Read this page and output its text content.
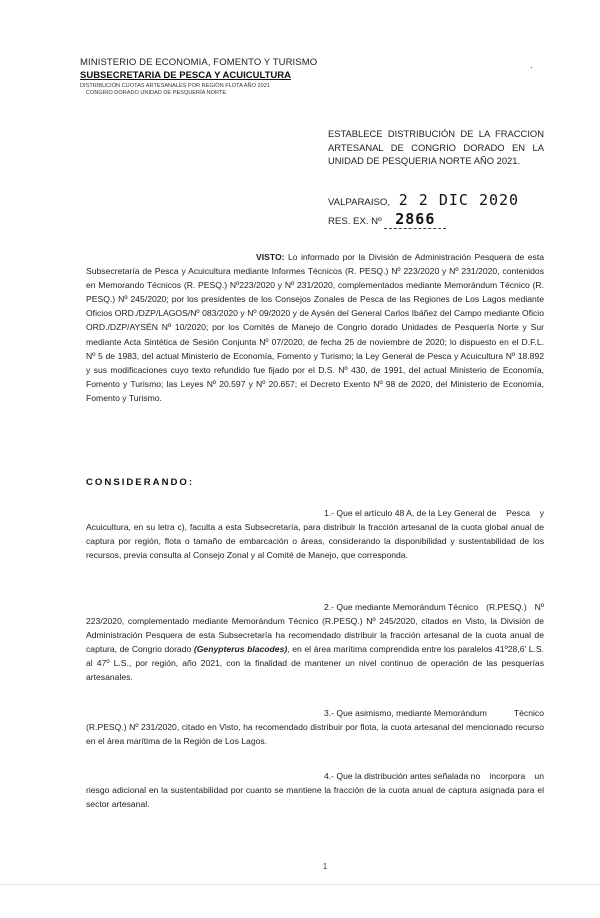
MINISTERIO DE ECONOMIA, FOMENTO Y TURISMO
SUBSECRETARIA DE PESCA Y ACUICULTURA
DISTRIBUCIÓN CUOTAS ARTESANALES POR REGIÓN FLOTA AÑO 2021
CONGRIO DORADO UNIDAD DE PESQUERÍA NORTE
.
ESTABLECE DISTRIBUCIÓN DE LA FRACCION ARTESANAL DE CONGRIO DORADO EN LA UNIDAD DE PESQUERIA NORTE AÑO 2021.
VALPARAISO, 2 2 DIC 2020
RES. EX. Nº 2866
VISTO: Lo informado por la División de Administración Pesquera de esta Subsecretaría de Pesca y Acuicultura mediante Informes Técnicos (R. PESQ.) Nº 223/2020 y Nº 231/2020, contenidos en Memorando Técnicos (R. PESQ.) Nº223/2020 y Nº 231/2020, complementados mediante Memorándum Técnico (R. PESQ.) Nº 245/2020; por los presidentes de los Consejos Zonales de Pesca de las Regiones de Los Lagos mediante Oficios ORD./DZP/LAGOS/Nº 083/2020 y Nº 09/2020 y de Aysén del General Carlos Ibáñez del Campo mediante Oficio ORD./DZP/AYSÉN Nº 10/2020; por los Comités de Manejo de Congrio dorado Unidades de Pesquería Norte y Sur mediante Acta Sintética de Sesión Conjunta Nº 07/2020, de fecha 25 de noviembre de 2020; lo dispuesto en el D.F.L. Nº 5 de 1983, del actual Ministerio de Economía, Fomento y Turismo; la Ley General de Pesca y Acuicultura Nº 18.892 y sus modificaciones cuyo texto refundido fue fijado por el D.S. Nº 430, de 1991, del actual Ministerio de Economía, Fomento y Turismo; las Leyes Nº 20.597 y Nº 20.657; el Decreto Exento Nº 98 de 2020, del Ministerio de Economía, Fomento y Turismo.
CONSIDERANDO:
1.- Que el artículo 48 A, de la Ley General de Pesca y Acuicultura, en su letra c), faculta a esta Subsecretaría, para distribuir la fracción artesanal de la cuota global anual de captura por región, flota o tamaño de embarcación o áreas, considerando la disponibilidad y sustentabilidad de los recursos, previa consulta al Consejo Zonal y al Comité de Manejo, que corresponda.
2.- Que mediante Memorándum Técnico (R.PESQ.) Nº 223/2020, complementado mediante Memorándum Técnico (R.PESQ.) Nº 245/2020, citados en Visto, la División de Administración Pesquera de esta Subsecretaría ha recomendado distribuir la fracción artesanal de la cuota anual de captura, de Congrio dorado (Genypterus blacodes), en el área marítima comprendida entre los paralelos 41º28,6' L.S. al 47º L.S., por región, año 2021, con la finalidad de mantener un nivel continuo de operación de las pesquerías artesanales.
3.- Que asimismo, mediante Memorándum Técnico (R.PESQ.) Nº 231/2020, citado en Visto, ha recomendado distribuir por flota, la cuota artesanal del mencionado recurso en el área marítima de la Región de Los Lagos.
4.- Que la distribución antes señalada no incorpora un riesgo adicional en la sustentabilidad por cuanto se mantiene la fracción de la cuota anual de captura asignada para el sector artesanal.
1
